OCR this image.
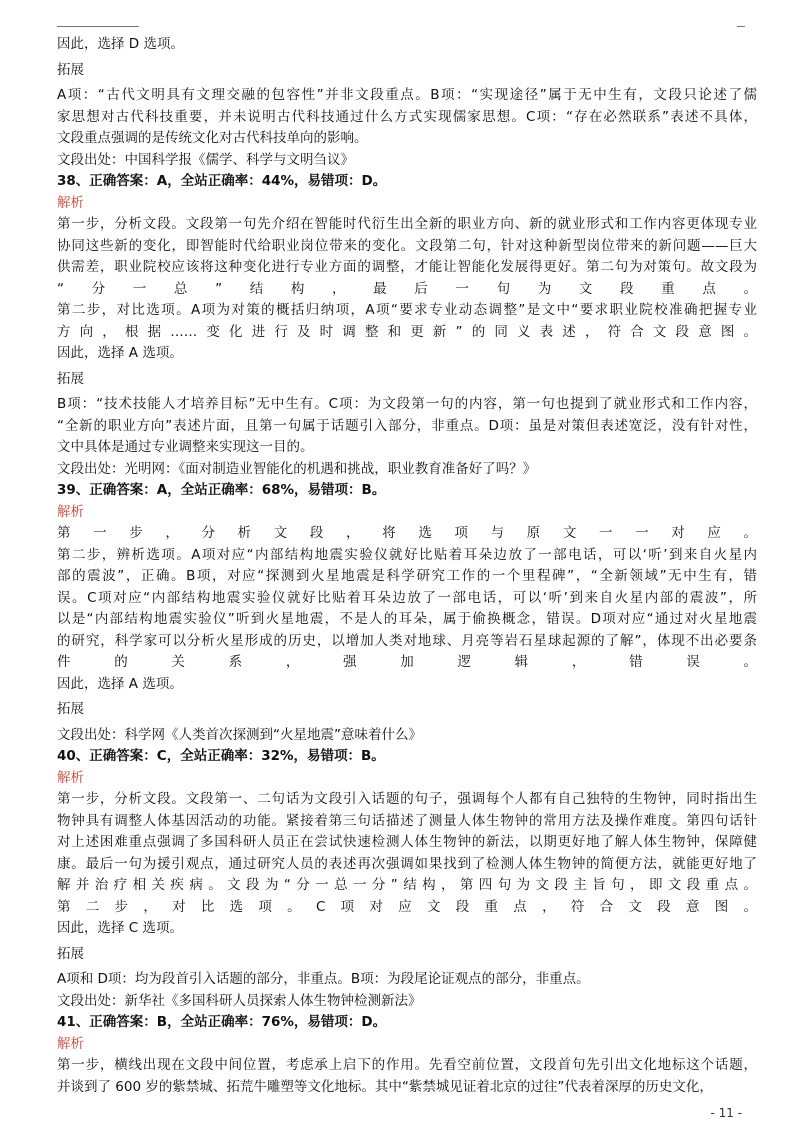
因此，选择 D 选项。
拓展
A项：“古代文明具有文理交融的包容性”并非文段重点。B项：“实现途径”属于无中生有，文段只论述了儒
家思想对古代科技重要，并未说明古代科技通过什么方式实现儒家思想。C项：“存在必然联系”表述不具体，
文段重点强调的是传统文化对古代科技单向的影响。
文段出处：中国科学报《儒学、科学与文明刍议》
38、正确答案：A，全站正确率：44%，易错项：D。
解析
第一步，分析文段。文段第一句先介绍在智能时代衍生出全新的职业方向、新的就业形式和工作内容更体现专业
协同这些新的变化，即智能时代给职业岗位带来的变化。文段第二句，针对这种新型岗位带来的新问题——巨大
供需差，职业院校应该将这种变化进行专业方面的调整，才能让智能化发展得更好。第二句为对策句。故文段为
“分一总”结构，最后一句为文段重点。
第二步，对比选项。A项为对策的概括归纳项，A项“要求专业动态调整”是文中“要求职业院校准确把握专业
方向，根据……变化进行及时调整和更新”的同义表述，符合文段意图。
因此，选择 A 选项。
拓展
B项：“技术技能人才培养目标”无中生有。C项：为文段第一句的内容，第一句也提到了就业形式和工作内容，
“全新的职业方向”表述片面，且第一句属于话题引入部分，非重点。D项：虽是对策但表述宽泛，没有针对性，
文中具体是通过专业调整来实现这一目的。
文段出处：光明网：《面对制造业智能化的机遇和挑战，职业教育准备好了吗？》
39、正确答案：A，全站正确率：68%，易错项：B。
解析
第一步，分析文段，将选项与原文一一对应。
第二步，辨析选项。A项对应“内部结构地震实验仪就好比贴着耳朵边放了一部电话，可以‘听’到来自火星内
部的震波”，正确。B项，对应“探测到火星地震是科学研究工作的一个里程碑”，“全新领域”无中生有，错
误。C项对应“内部结构地震实验仪就好比贴着耳朵边放了一部电话，可以‘听’到来自火星内部的震波”，所
以是“内部结构地震实验仪”听到火星地震，不是人的耳朵，属于偷换概念，错误。D项对应“通过对火星地震
的研究，科学家可以分析火星形成的历史，以增加人类对地球、月亮等岩石星球起源的了解”，体现不出必要条
件的关系，强加逻辑，错误。
因此，选择 A 选项。
拓展
文段出处：科学网《人类首次探测到“火星地震”意味着什么》
40、正确答案：C，全站正确率：32%，易错项：B。
解析
第一步，分析文段。文段第一、二句话为文段引入话题的句子，强调每个人都有自己独特的生物钟，同时指出生
物钟具有调整人体基因活动的功能。紧接着第三句话描述了测量人体生物钟的常用方法及操作难度。第四句话针
对上述困难重点强调了多国科研人员正在尝试快速检测人体生物钟的新法，以期更好地了解人体生物钟，保障健
康。最后一句为援引观点，通过研究人员的表述再次强调如果找到了检测人体生物钟的简便方法，就能更好地了
解并治疗相关疾病。文段为“分一总一分”结构，第四句为文段主旨句，即文段重点。
第二步，对比选项。C项对应文段重点，符合文段意图。
因此，选择 C 选项。
拓展
A项和 D项：均为段首引入话题的部分，非重点。B项：为段尾论证观点的部分，非重点。
文段出处：新华社《多国科研人员探索人体生物钟检测新法》
41、正确答案：B，全站正确率：76%，易错项：D。
解析
第一步，横线出现在文段中间位置，考虑承上启下的作用。先看空前位置，文段首句先引出文化地标这个话题，
并谈到了 600 岁的紫禁城、拓荒牛雕塑等文化地标。其中“紫禁城见证着北京的过往”代表着深厚的历史文化，
- 11 -
